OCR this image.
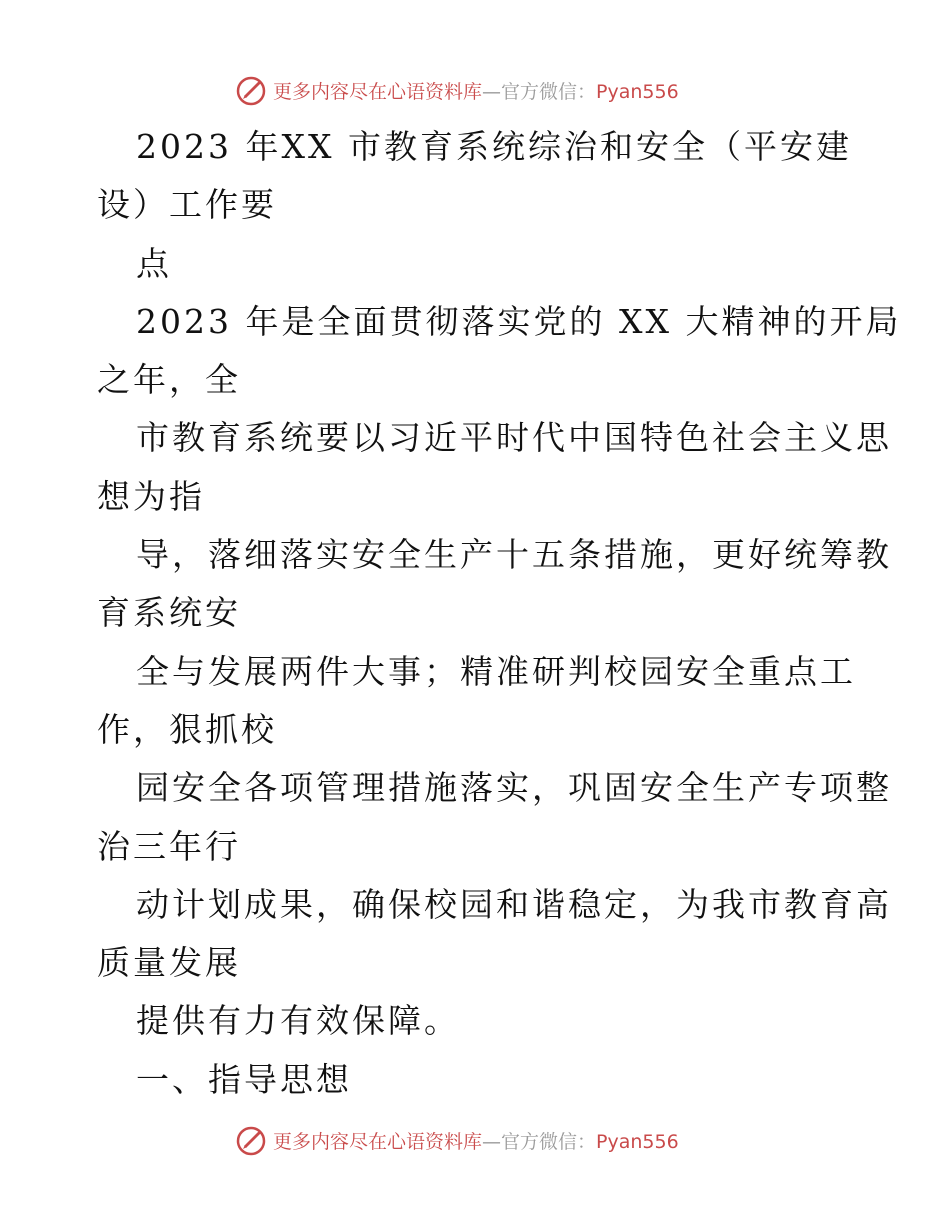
更多内容尽在心语资料库—官方微信：Pyan556
2023 年XX 市教育系统综治和安全（平安建
设）工作要
点
2023 年是全面贯彻落实党的 XX 大精神的开局
之年，全
市教育系统要以习近平时代中国特色社会主义思
想为指
导，落细落实安全生产十五条措施，更好统筹教
育系统安
全与发展两件大事；精准研判校园安全重点工
作，狠抓校
园安全各项管理措施落实，巩固安全生产专项整
治三年行
动计划成果，确保校园和谐稳定，为我市教育高
质量发展
提供有力有效保障。
一、指导思想
更多内容尽在心语资料库—官方微信：Pyan556
